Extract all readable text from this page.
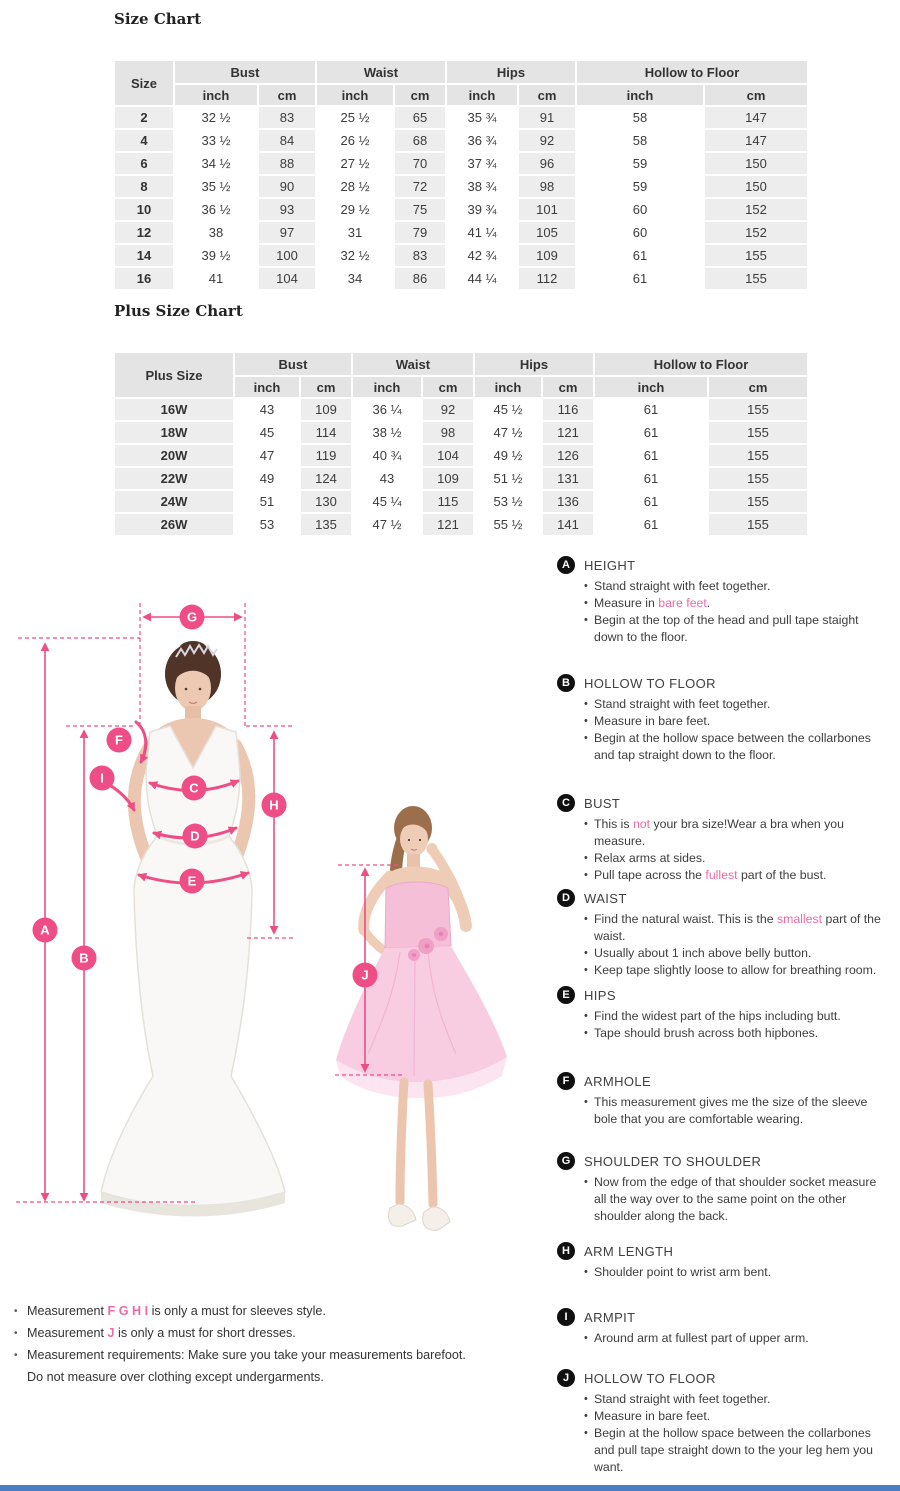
Size Chart
Size	Bust		Waist		Hips		Hollow to Floor	
	inch	cm	inch	cm	inch	cm	inch	cm
2	32 ½	83	25 ½	65	35 ¾	91	58	147
4	33 ½	84	26 ½	68	36 ¾	92	58	147
6	34 ½	88	27 ½	70	37 ¾	96	59	150
8	35 ½	90	28 ½	72	38 ¾	98	59	150
10	36 ½	93	29 ½	75	39 ¾	101	60	152
12	38	97	31	79	41 ¼	105	60	152
14	39 ½	100	32 ½	83	42 ¾	109	61	155
16	41	104	34	86	44 ¼	112	61	155
Plus Size Chart
Plus Size	Bust		Waist		Hips		Hollow to Floor	
	inch	cm	inch	cm	inch	cm	inch	cm
16W	43	109	36 ¼	92	45 ½	116	61	155
18W	45	114	38 ½	98	47 ½	121	61	155
20W	47	119	40 ¾	104	49 ½	126	61	155
22W	49	124	43	109	51 ½	131	61	155
24W	51	130	45 ¼	115	53 ½	136	61	155
26W	53	135	47 ½	121	55 ½	141	61	155
A
B
C
D
E
F
G
H
I
J
• Measurement F G H I is only a must for sleeves style.
• Measurement J is only a must for short dresses.
• Measurement requirements: Make sure you take your measurements barefoot.
Do not measure over clothing except undergarments.
A	HEIGHT
• Stand straight with feet together.
• Measure in bare feet.
• Begin at the top of the head and pull tape staight down to the floor.
B	HOLLOW TO FLOOR
• Stand straight with feet together.
• Measure in bare feet.
• Begin at the hollow space between the collarbones and tap straight down to the floor.
C	BUST
• This is not your bra size!Wear a bra when you measure.
• Relax arms at sides.
• Pull tape across the fullest part of the bust.
D	WAIST
• Find the natural waist. This is the smallest part of the waist.
• Usually about 1 inch above belly button.
• Keep tape slightly loose to allow for breathing room.
E	HIPS
• Find the widest part of the hips including butt.
• Tape should brush across both hipbones.
F	ARMHOLE
• This measurement gives me the size of the sleeve bole that you are comfortable wearing.
G	SHOULDER TO SHOULDER
• Now from the edge of that shoulder socket measure all the way over to the same point on the other shoulder along the back.
H	ARM LENGTH
• Shoulder point to wrist arm bent.
I	ARMPIT
• Around arm at fullest part of upper arm.
J	HOLLOW TO FLOOR
• Stand straight with feet together.
• Measure in bare feet.
• Begin at the hollow space between the collarbones and pull tape straight down to the your leg hem you want.
